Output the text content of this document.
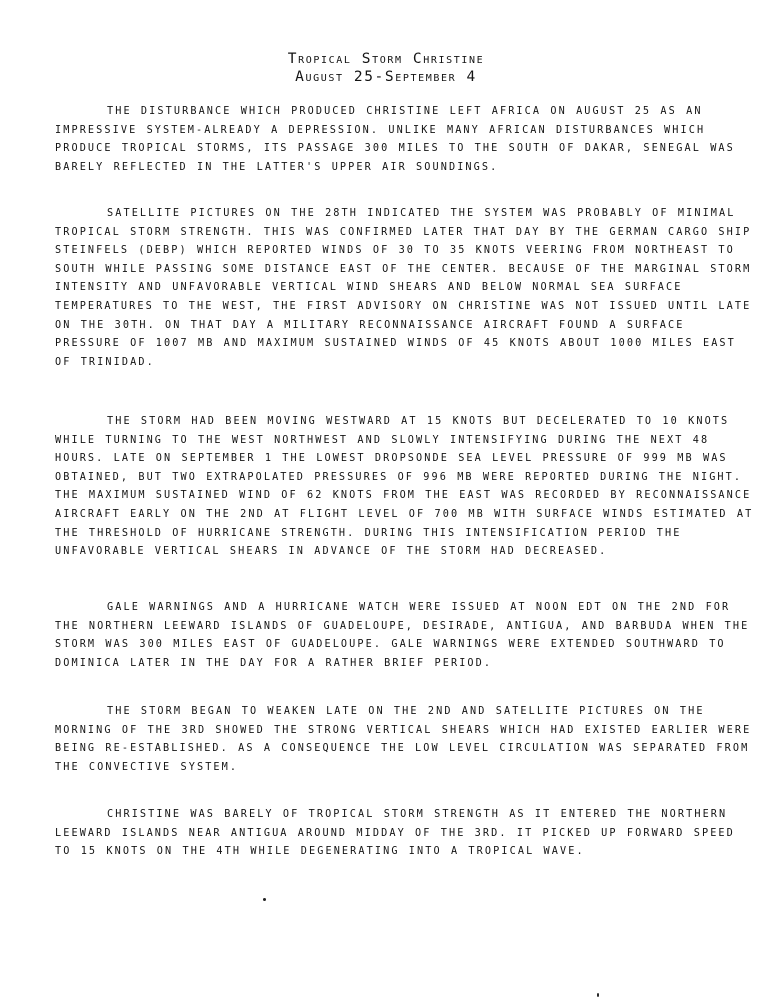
Tropical Storm Christine
August 25-September 4

THE DISTURBANCE WHICH PRODUCED CHRISTINE LEFT AFRICA ON AUGUST 25 AS AN IMPRESSIVE SYSTEM-ALREADY A DEPRESSION. UNLIKE MANY AFRICAN DISTURBANCES WHICH PRODUCE TROPICAL STORMS, ITS PASSAGE 300 MILES TO THE SOUTH OF DAKAR, SENEGAL WAS BARELY REFLECTED IN THE LATTER'S UPPER AIR SOUNDINGS.

SATELLITE PICTURES ON THE 28TH INDICATED THE SYSTEM WAS PROBABLY OF MINIMAL TROPICAL STORM STRENGTH. THIS WAS CONFIRMED LATER THAT DAY BY THE GERMAN CARGO SHIP STEINFELS (DEBP) WHICH REPORTED WINDS OF 30 TO 35 KNOTS VEERING FROM NORTHEAST TO SOUTH WHILE PASSING SOME DISTANCE EAST OF THE CENTER. BECAUSE OF THE MARGINAL STORM INTENSITY AND UNFAVORABLE VERTICAL WIND SHEARS AND BELOW NORMAL SEA SURFACE TEMPERATURES TO THE WEST, THE FIRST ADVISORY ON CHRISTINE WAS NOT ISSUED UNTIL LATE ON THE 30TH. ON THAT DAY A MILITARY RECONNAISSANCE AIRCRAFT FOUND A SURFACE PRESSURE OF 1007 MB AND MAXIMUM SUSTAINED WINDS OF 45 KNOTS ABOUT 1000 MILES EAST OF TRINIDAD.

THE STORM HAD BEEN MOVING WESTWARD AT 15 KNOTS BUT DECELERATED TO 10 KNOTS WHILE TURNING TO THE WEST NORTHWEST AND SLOWLY INTENSIFYING DURING THE NEXT 48 HOURS. LATE ON SEPTEMBER 1 THE LOWEST DROPSONDE SEA LEVEL PRESSURE OF 999 MB WAS OBTAINED, BUT TWO EXTRAPOLATED PRESSURES OF 996 MB WERE REPORTED DURING THE NIGHT. THE MAXIMUM SUSTAINED WIND OF 62 KNOTS FROM THE EAST WAS RECORDED BY RECONNAISSANCE AIRCRAFT EARLY ON THE 2ND AT FLIGHT LEVEL OF 700 MB WITH SURFACE WINDS ESTIMATED AT THE THRESHOLD OF HURRICANE STRENGTH. DURING THIS INTENSIFICATION PERIOD THE UNFAVORABLE VERTICAL SHEARS IN ADVANCE OF THE STORM HAD DECREASED.

GALE WARNINGS AND A HURRICANE WATCH WERE ISSUED AT NOON EDT ON THE 2ND FOR THE NORTHERN LEEWARD ISLANDS OF GUADELOUPE, DESIRADE, ANTIGUA, AND BARBUDA WHEN THE STORM WAS 300 MILES EAST OF GUADELOUPE. GALE WARNINGS WERE EXTENDED SOUTHWARD TO DOMINICA LATER IN THE DAY FOR A RATHER BRIEF PERIOD.

THE STORM BEGAN TO WEAKEN LATE ON THE 2ND AND SATELLITE PICTURES ON THE MORNING OF THE 3RD SHOWED THE STRONG VERTICAL SHEARS WHICH HAD EXISTED EARLIER WERE BEING RE-ESTABLISHED. AS A CONSEQUENCE THE LOW LEVEL CIRCULATION WAS SEPARATED FROM THE CONVECTIVE SYSTEM.

CHRISTINE WAS BARELY OF TROPICAL STORM STRENGTH AS IT ENTERED THE NORTHERN LEEWARD ISLANDS NEAR ANTIGUA AROUND MIDDAY OF THE 3RD. IT PICKED UP FORWARD SPEED TO 15 KNOTS ON THE 4TH WHILE DEGENERATING INTO A TROPICAL WAVE.
